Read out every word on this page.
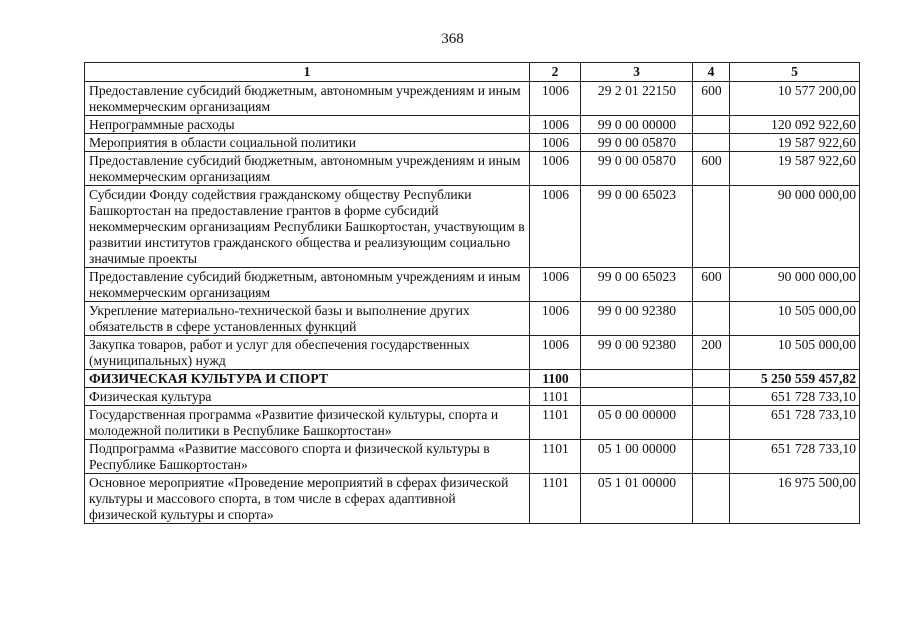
368
1	2	3	4	5
Предоставление субсидий бюджетным, автономным учреждениям и иным некоммерческим организациям	1006	29 2 01 22150	600	10 577 200,00
Непрограммные расходы	1006	99 0 00 00000		120 092 922,60
Мероприятия в области социальной политики	1006	99 0 00 05870		19 587 922,60
Предоставление субсидий бюджетным, автономным учреждениям и иным некоммерческим организациям	1006	99 0 00 05870	600	19 587 922,60
Субсидии Фонду содействия гражданскому обществу Республики Башкортостан на предоставление грантов в форме субсидий некоммерческим организациям Республики Башкортостан, участвующим в развитии институтов гражданского общества и реализующим социально значимые проекты	1006	99 0 00 65023		90 000 000,00
Предоставление субсидий бюджетным, автономным учреждениям и иным некоммерческим организациям	1006	99 0 00 65023	600	90 000 000,00
Укрепление материально-технической базы и выполнение других обязательств в сфере установленных функций	1006	99 0 00 92380		10 505 000,00
Закупка товаров, работ и услуг для обеспечения государственных (муниципальных) нужд	1006	99 0 00 92380	200	10 505 000,00
ФИЗИЧЕСКАЯ КУЛЬТУРА И СПОРТ	1100			5 250 559 457,82
Физическая культура	1101			651 728 733,10
Государственная программа «Развитие физической культуры, спорта и молодежной политики в Республике Башкортостан»	1101	05 0 00 00000		651 728 733,10
Подпрограмма «Развитие массового спорта и физической культуры в Республике Башкортостан»	1101	05 1 00 00000		651 728 733,10
Основное мероприятие «Проведение мероприятий в сферах физической культуры и массового спорта, в том числе в сферах адаптивной физической культуры и спорта»	1101	05 1 01 00000		16 975 500,00
